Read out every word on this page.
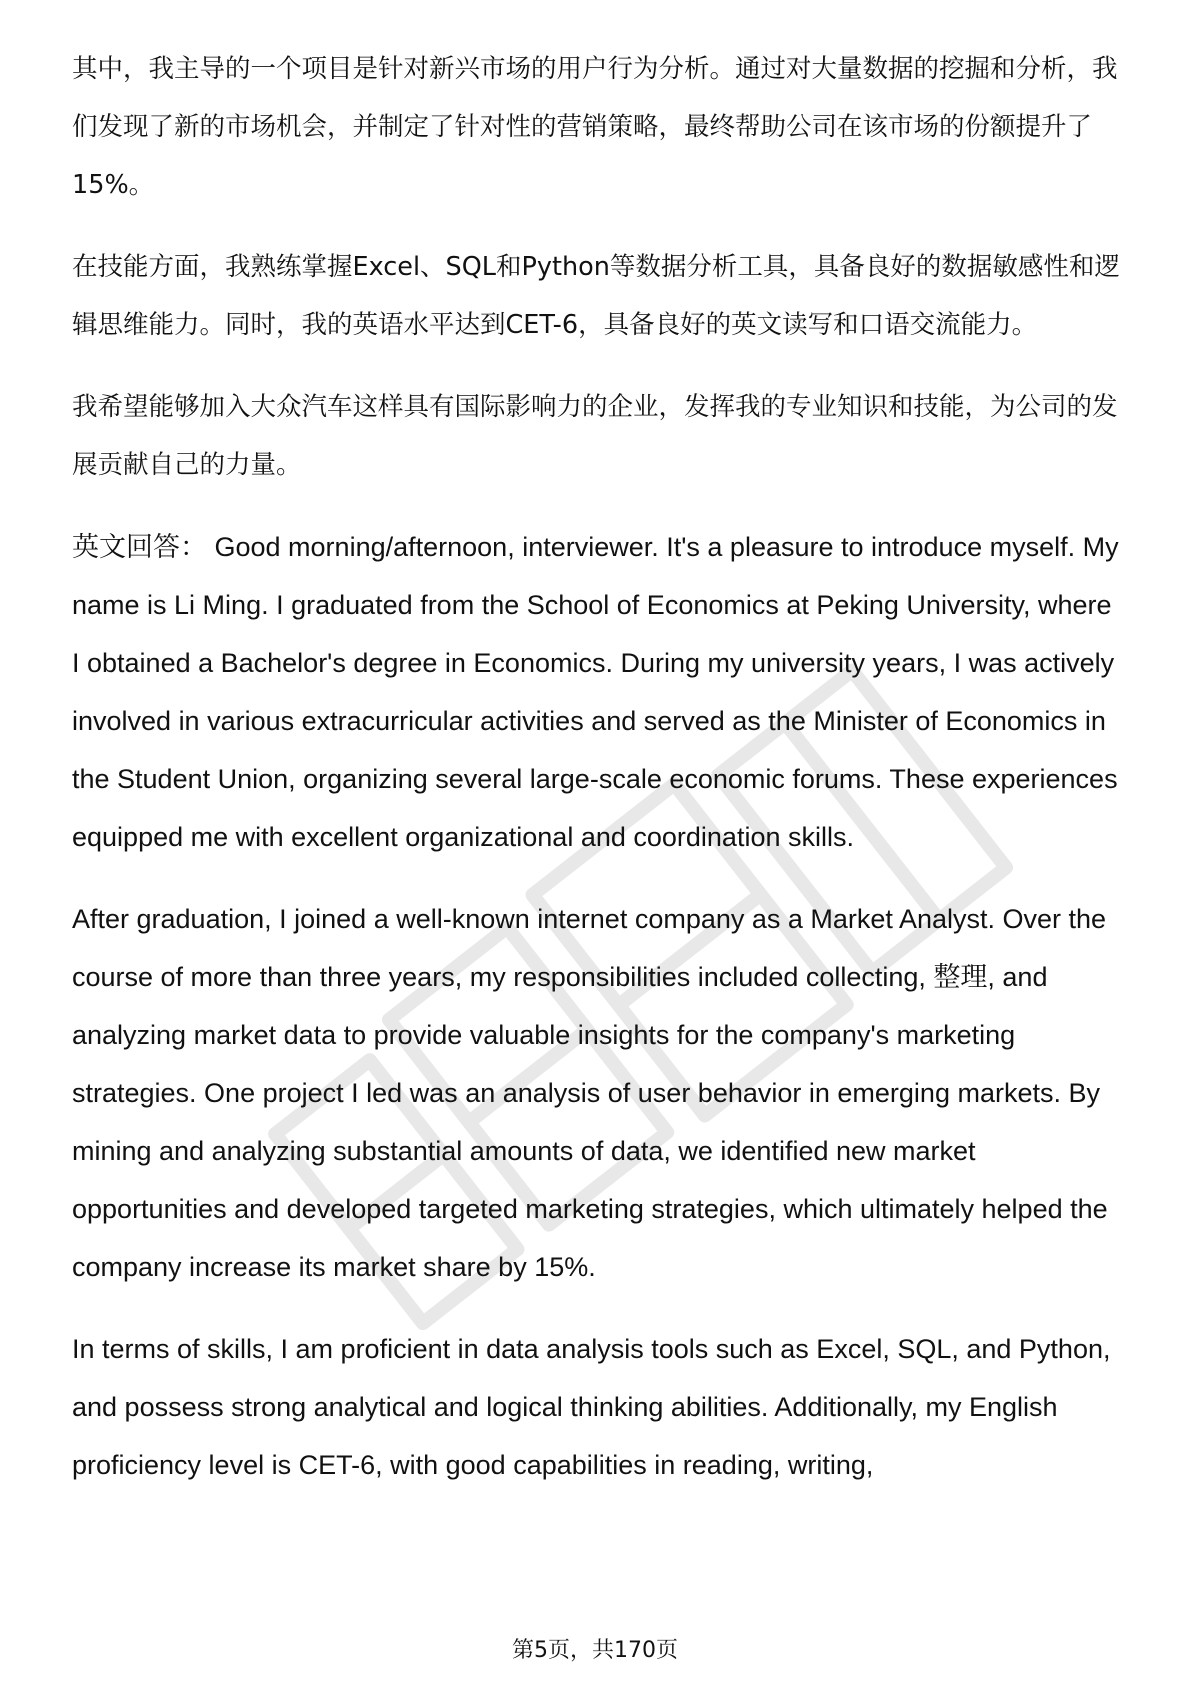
其中，我主导的一个项目是针对新兴市场的用户行为分析。通过对大量数据的挖掘和分析，我们发现了新的市场机会，并制定了针对性的营销策略，最终帮助公司在该市场的份额提升了15%。

在技能方面，我熟练掌握Excel、SQL和Python等数据分析工具，具备良好的数据敏感性和逻辑思维能力。同时，我的英语水平达到CET-6，具备良好的英文读写和口语交流能力。

我希望能够加入大众汽车这样具有国际影响力的企业，发挥我的专业知识和技能，为公司的发展贡献自己的力量。

英文回答： Good morning/afternoon, interviewer. It's a pleasure to introduce myself. My name is Li Ming. I graduated from the School of Economics at Peking University, where I obtained a Bachelor's degree in Economics. During my university years, I was actively involved in various extracurricular activities and served as the Minister of Economics in the Student Union, organizing several large-scale economic forums. These experiences equipped me with excellent organizational and coordination skills.

After graduation, I joined a well-known internet company as a Market Analyst. Over the course of more than three years, my responsibilities included collecting, 整理, and analyzing market data to provide valuable insights for the company's marketing strategies. One project I led was an analysis of user behavior in emerging markets. By mining and analyzing substantial amounts of data, we identified new market opportunities and developed targeted marketing strategies, which ultimately helped the company increase its market share by 15%.

In terms of skills, I am proficient in data analysis tools such as Excel, SQL, and Python, and possess strong analytical and logical thinking abilities. Additionally, my English proficiency level is CET-6, with good capabilities in reading, writing,

第5页，共170页
